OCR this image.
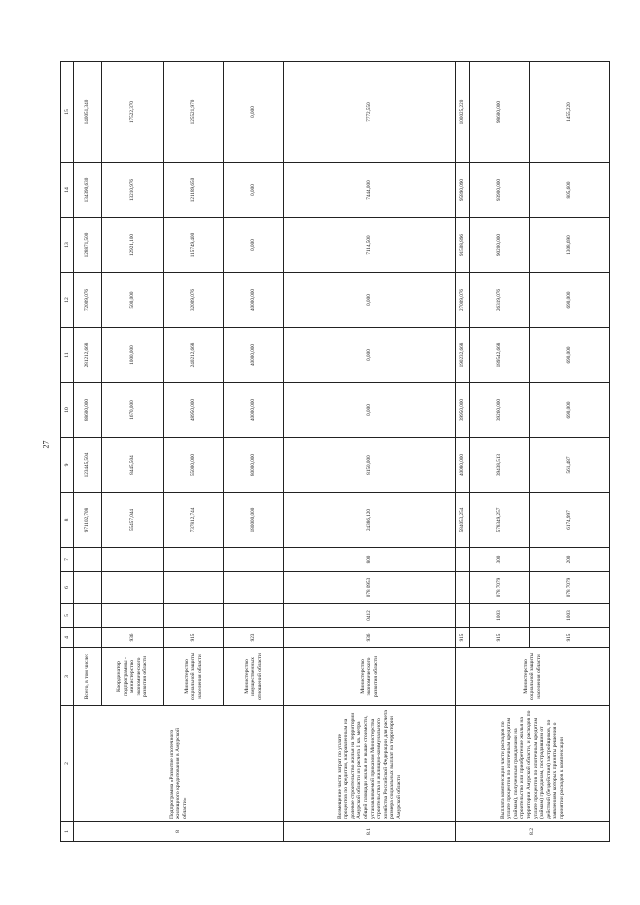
27
1	2	3	4	5	6	7	8	9	10	11	12	13	14	15
8	Подпрограмма «Развитие ипотечного жилищного кредитования в Амурской области»	Всего, в том числе:					971102,708	123445,504	88600,000	281212,668	72009,076	128871,500	134390,630	140051,340
		Координатор подпрограммы - министерство экономического развития области	936				55457,044	8445,504	1670,000	1000,000	500,000	12921,100	13210,976	17522,370
		Министерство социальной защиты населения области	915				737812,744	55000,000	48950,000	240212,668	32009,076	115749,400	121189,650	125521,970
		Министерство имущественных отношений области	923				180000,000	80000,000	40000,000	40000,000	40000,000	0,000	0,000	0,000
8.1	Возмещение части затрат по уплате процентов по кредитам, направленным на долевое строительство жилья на территории Амурской области из расчета 1 кв. метра общей площади жилья не выше стоимости, устанавливаемой приказом Министерства строительства и жилищно-коммунального хозяйства Российской Федерации для расчета размера социальных выплат на территории Амурской области	Министерство экономического развития области	936	0412	078 0953	800	24386,120	8150,000	0,000	0,000	0,000	7114,500	7444,000	7772,550
8.2	Выплата компенсации части расходов по уплате процентов по ипотечным кредитам (займам), полученным гражданами на строительство или приобретение жилья на территории Амурской области, и расходов по уплате процентов по ипотечным кредитам (займам) гражданам, пострадавшим от действий (бездействия) застройщиков, по заявлениям которых приняты решения о принятии расходов к компенсации	Министерство социальной защиты населения области	915				584053,254	40080,000	39950,000	190232,668	27009,076	91508,896	95890,090	100025,220
			915	1003	078 7079	300	578349,257	39438,513	39260,000	189542,668	26319,076	90200,000	93900,000	98600,000
			915	1003	078 7079	200	6174,997	561,487	690,000	690,000	690,000	1308,690	805,600	1455,220
